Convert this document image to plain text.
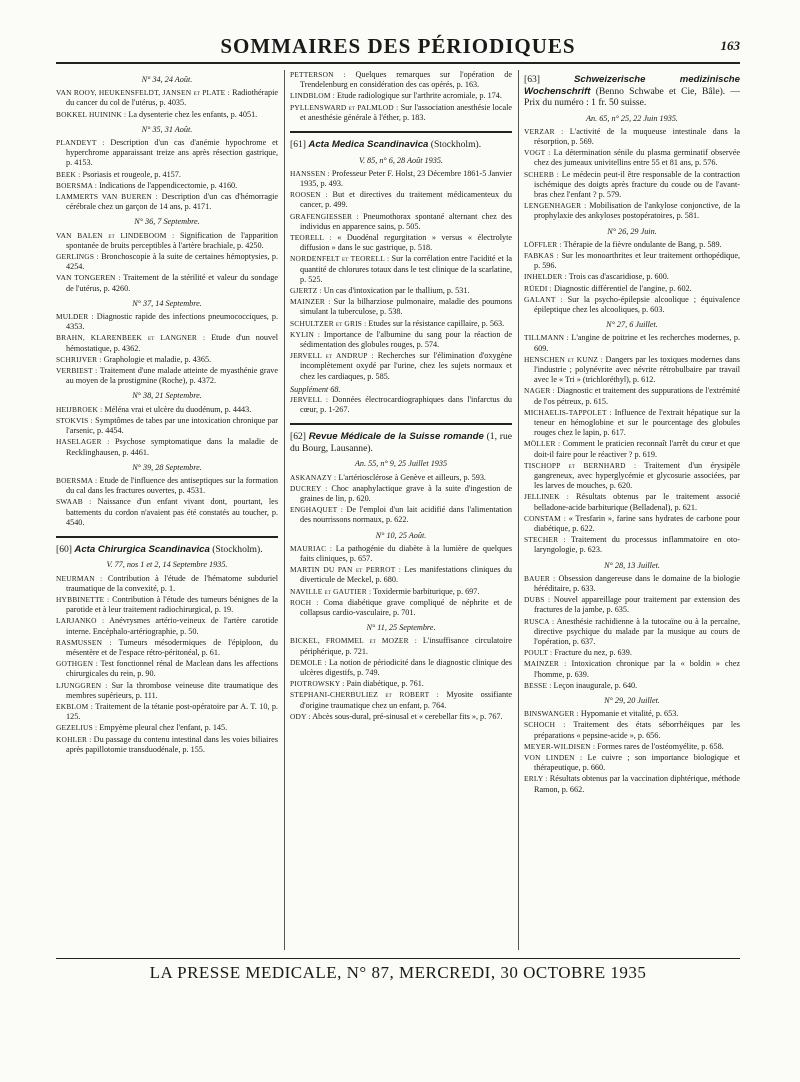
SOMMAIRES DES PÉRIODIQUES	163
N° 34, 24 Août.
VAN ROOY, HEUKENSFELDT, JANSEN et PLATE : Radiothérapie du cancer du col de l'utérus, p. 4035.
BOKKEL HUININK : La dysenterie chez les enfants, p. 4051.
N° 35, 31 Août.
PLANDEYT : Description d'un cas d'anémie hypochrome et hyperchrome apparaissant treize ans après résection gastrique, p. 4153.
BEEK : Psoriasis et rougeole, p. 4157.
BOERSMA : Indications de l'appendicectomie, p. 4160.
LAMMERTS VAN BUEREN : Description d'un cas d'hémorragie cérébrale chez un garçon de 14 ans, p. 4171.
N° 36, 7 Septembre.
VAN BALEN et LINDEBOOM : Signification de l'apparition spontanée de bruits perceptibles à l'artère brachiale, p. 4250.
GERLINGS : Bronchoscopie à la suite de certaines hémoptysies, p. 4254.
VAN TONGEREN : Traitement de la stérilité et valeur du sondage de l'utérus, p. 4260.
N° 37, 14 Septembre.
MULDER : Diagnostic rapide des infections pneumococciques, p. 4353.
BRAHN, KLARENBEEK et LANGNER : Etude d'un nouvel hémostatique, p. 4362.
SCHRIJVER : Graphologie et maladie, p. 4365.
VERBIEST : Traitement d'une malade atteinte de myasthénie grave au moyen de la prostigmine (Roche), p. 4372.
N° 38, 21 Septembre.
HEIJBROEK : Méléna vrai et ulcère du duodénum, p. 4443.
STOKVIS : Symptômes de tabes par une intoxication chronique par l'arsenic, p. 4454.
HASELAGER : Psychose symptomatique dans la maladie de Recklinghausen, p. 4461.
N° 39, 28 Septembre.
BOERSMA : Etude de l'influence des antiseptiques sur la formation du cal dans les fractures ouvertes, p. 4531.
SWAAB : Naissance d'un enfant vivant dont, pourtant, les battements du cordon n'avaient pas été constatés au toucher, p. 4540.
[60] Acta Chirurgica Scandinavica (Stockholm).
V. 77, nos 1 et 2, 14 Septembre 1935.
NEURMAN : Contribution à l'étude de l'hématome subduriel traumatique de la convexité, p. 1.
HYBBINETTE : Contribution à l'étude des tumeurs bénignes de la parotide et à leur traitement radiochirurgical, p. 19.
LARJANKO : Anévrysmes artério-veineux de l'artère carotide interne. Encéphalo-artériographie, p. 50.
RASMUSSEN : Tumeurs mésodermiques de l'épiploon, du mésentère et de l'espace rétro-péritonéal, p. 61.
GOTHGEN : Test fonctionnel rénal de Maclean dans les affections chirurgicales du rein, p. 90.
LJUNGGREN : Sur la thrombose veineuse dite traumatique des membres supérieurs, p. 111.
EKBLOM : Traitement de la tétanie post-opératoire par A. T. 10, p. 125.
GEZELIUS : Empyème pleural chez l'enfant, p. 145.
KOHLER : Du passage du contenu intestinal dans les voies biliaires après papillotomie transduodénale, p. 155.
PETTERSON : Quelques remarques sur l'opération de Trendelenburg en considération des cas opérés, p. 163.
LINDBLOM : Etude radiologique sur l'arthrite acromiale, p. 174.
PYLLENSWARD et PALMLOD : Sur l'association anesthésie locale et anesthésie générale à l'éther, p. 183.
[61] Acta Medica Scandinavica (Stockholm).
V. 85, n° 6, 28 Août 1935.
HANSSEN : Professeur Peter F. Holst, 23 Décembre 1861-5 Janvier 1935, p. 493.
ROOSEN : But et directives du traitement médicamenteux du cancer, p. 499.
GRAFENGIESSER : Pneumothorax spontané alternant chez des individus en apparence sains, p. 505.
TEORELL : « Duodénal regurgitation » versus « électrolyte diffusion » dans le suc gastrique, p. 518.
NORDENFELT et TEORELL : Sur la corrélation entre l'acidité et la quantité de chlorures totaux dans le test clinique de la scarlatine, p. 525.
GJERTZ : Un cas d'intoxication par le thallium, p. 531.
MAINZER : Sur la bilharziose pulmonaire, maladie des poumons simulant la tuberculose, p. 538.
SCHULTZER et GRIS : Etudes sur la résistance capillaire, p. 563.
KYLIN : Importance de l'albumine du sang pour la réaction de sédimentation des globules rouges, p. 574.
JERVELL et ANDRUP : Recherches sur l'élimination d'oxygène incomplètement oxydé par l'urine, chez les sujets normaux et chez les cardiaques, p. 585.
Supplément 68.
JERVELL : Données électrocardiographiques dans l'infarctus du cœur, p. 1-267.
[62] Revue Médicale de la Suisse romande (1, rue du Bourg, Lausanne).
An. 55, n° 9, 25 Juillet 1935
ASKANAZY : L'artériosclérose à Genève et ailleurs, p. 593.
DUCREY : Choc anaphylactique grave à la suite d'ingestion de graines de lin, p. 620.
ENGHAQUET : De l'emploi d'un lait acidifié dans l'alimentation des nourrissons normaux, p. 622.
N° 10, 25 Août.
MAURIAC : La pathogénie du diabète à la lumière de quelques faits cliniques, p. 657.
MARTIN DU PAN et PERROT : Les manifestations cliniques du diverticule de Meckel, p. 680.
NAVILLE et GAUTIER : Toxidermie barbiturique, p. 697.
ROCH : Coma diabétique grave compliqué de néphrite et de collapsus cardio-vasculaire, p. 701.
N° 11, 25 Septembre.
BICKEL, FROMMEL et MOZER : L'insuffisance circulatoire périphérique, p. 721.
DEMOLE : La notion de périodicité dans le diagnostic clinique des ulcères digestifs, p. 749.
PIOTROWSKY : Pain diabétique, p. 761.
STEPHANI-CHERBULIEZ et ROBERT : Myosite ossifiante d'origine traumatique chez un enfant, p. 764.
ODY : Abcès sous-dural, pré-sinusal et « cerebellar fits », p. 767.
[63]	Schweizerische medizinische Wochenschrift (Benno Schwabe et Cie, Bâle). — Prix du numéro : 1 fr. 50 suisse.
An. 65, n° 25, 22 Juin 1935.
VERZAR : L'activité de la muqueuse intestinale dans la résorption, p. 569.
VOGT : La détermination sénile du plasma germinatif observée chez des jumeaux univitellins entre 55 et 81 ans, p. 576.
SCHERB : Le médecin peut-il être responsable de la contraction ischémique des doigts après fracture du coude ou de l'avant-bras chez l'enfant ? p. 579.
LENGENHAGER : Mobilisation de l'ankylose conjonctive, de la prophylaxie des ankyloses postopératoires, p. 581.
N° 26, 29 Juin.
LÖFFLER : Thérapie de la fièvre ondulante de Bang, p. 589.
FABKAS : Sur les monoarthrites et leur traitement orthopédique, p. 596.
INHELDER : Trois cas d'ascaridiose, p. 600.
RÜEDI : Diagnostic différentiel de l'angine, p. 602.
GALANT : Sur la psycho-épilepsie alcoolique ; équivalence épileptique chez les alcooliques, p. 603.
N° 27, 6 Juillet.
TILLMANN : L'angine de poitrine et les recherches modernes, p. 609.
HENSCHEN et KUNZ : Dangers par les toxiques modernes dans l'industrie ; polynévrite avec névrite rétrobulbaire par travail avec le « Tri » (trichloréthyl), p. 612.
NAGER : Diagnostic et traitement des suppurations de l'extrémité de l'os pétreux, p. 615.
MICHAELIS-TAPPOLET : Influence de l'extrait hépatique sur la teneur en hémoglobine et sur le pourcentage des globules rouges chez le lapin, p. 617.
MÖLLER : Comment le praticien reconnaît l'arrêt du cœur et que doit-il faire pour le réactiver ? p. 619.
TISCHOPP et BERNHARD : Traitement d'un érysipèle gangreneux, avec hyperglycémie et glycosurie associées, par les larves de mouches, p. 620.
JELLINEK : Résultats obtenus par le traitement associé belladone-acide barbiturique (Belladenal), p. 621.
CONSTAM : « Tresfarin », farine sans hydrates de carbone pour diabétique, p. 622.
STECHER : Traitement du processus inflammatoire en oto-laryngologie, p. 623.
N° 28, 13 Juillet.
BAUER : Obsession dangereuse dans le domaine de la biologie héréditaire, p. 633.
DUBS : Nouvel appareillage pour traitement par extension des fractures de la jambe, p. 635.
RUSCA : Anesthésie rachidienne à la tutocaïne ou à la percaïne, directive psychique du malade par la musique au cours de l'opération, p. 637.
POULT : Fracture du nez, p. 639.
MAINZER : Intoxication chronique par la « boldin » chez l'homme, p. 639.
BESSE : Leçon inaugurale, p. 640.
N° 29, 20 Juillet.
BINSWANGER : Hypomanie et vitalité, p. 653.
SCHOCH : Traitement des états séborrhéiques par les préparations « pepsine-acide », p. 656.
MEYER-WILDISEN : Formes rares de l'ostéomyélite, p. 658.
VON LINDEN : Le cuivre ; son importance biologique et thérapeutique, p. 660.
ERLY : Résultats obtenus par la vaccination diphtérique, méthode Ramon, p. 662.
LA PRESSE MEDICALE, N° 87, MERCREDI, 30 OCTOBRE 1935
